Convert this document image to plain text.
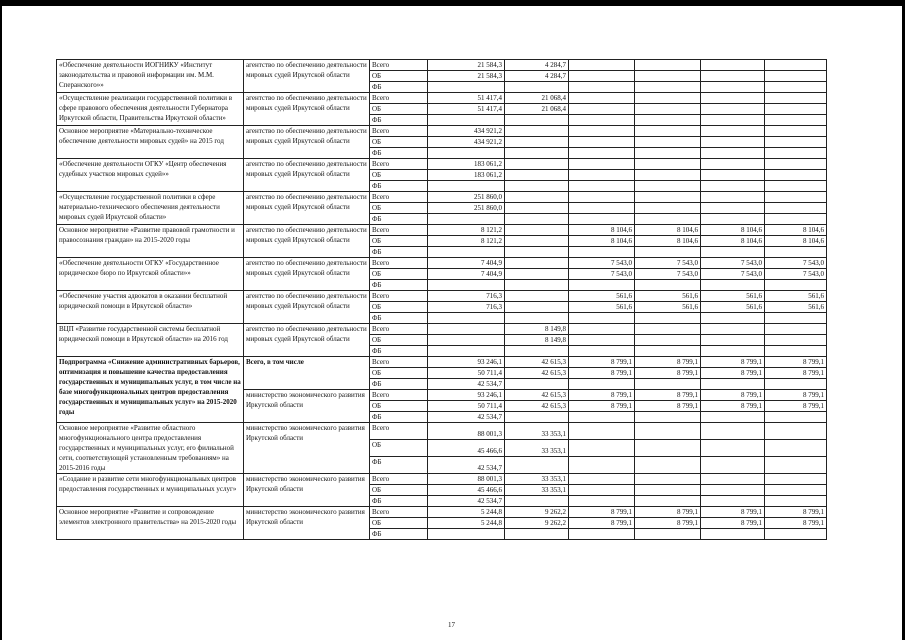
«Обеспечение деятельности ИОГНИКУ «Институт законодательства и правовой информации им. М.М. Сперанского»»	агентство по обеспечению деятельности мировых судей Иркутской области	Всего	21 584,3	4 284,7				
		ОБ	21 584,3	4 284,7				
		ФБ						
«Осуществление реализации государственной политики в сфере правового обеспечения деятельности Губернатора Иркутской области, Правительства Иркутской области»	агентство по обеспечению деятельности мировых судей Иркутской области	Всего	51 417,4	21 068,4				
		ОБ	51 417,4	21 068,4				
		ФБ						
Основное мероприятие «Материально-техническое обеспечение деятельности мировых судей» на 2015 год	агентство по обеспечению деятельности мировых судей Иркутской области	Всего	434 921,2					
		ОБ	434 921,2					
		ФБ						
«Обеспечение деятельности ОГКУ «Центр обеспечения судебных участков мировых судей»»	агентство по обеспечению деятельности мировых судей Иркутской области	Всего	183 061,2					
		ОБ	183 061,2					
		ФБ						
«Осуществление государственной политики в сфере материально-технического обеспечения деятельности мировых судей Иркутской области»	агентство по обеспечению деятельности мировых судей Иркутской области	Всего	251 860,0					
		ОБ	251 860,0					
		ФБ						
Основное мероприятие «Развитие правовой грамотности и правосознания граждан» на 2015-2020 годы	агентство по обеспечению деятельности мировых судей Иркутской области	Всего	8 121,2		8 104,6	8 104,6	8 104,6	8 104,6
		ОБ	8 121,2		8 104,6	8 104,6	8 104,6	8 104,6
		ФБ						
«Обеспечение деятельности ОГКУ «Государственное юридическое бюро по Иркутской области»»	агентство по обеспечению деятельности мировых судей Иркутской области	Всего	7 404,9		7 543,0	7 543,0	7 543,0	7 543,0
		ОБ	7 404,9		7 543,0	7 543,0	7 543,0	7 543,0
		ФБ						
«Обеспечение участия адвокатов в оказании бесплатной юридической помощи в Иркутской области»	агентство по обеспечению деятельности мировых судей Иркутской области	Всего	716,3		561,6	561,6	561,6	561,6
		ОБ	716,3		561,6	561,6	561,6	561,6
		ФБ						
ВЦП «Развитие государственной системы бесплатной юридической помощи в Иркутской области» на 2016 год	агентство по обеспечению деятельности мировых судей Иркутской области	Всего		8 149,8				
		ОБ		8 149,8				
		ФБ						
Подпрограмма «Снижение административных барьеров, оптимизация и повышение качества предоставления государственных и муниципальных услуг, в том числе на базе многофункциональных центров предоставления государственных и муниципальных услуг» на 2015-2020 годы	Всего, в том числе	Всего	93 246,1	42 615,3	8 799,1	8 799,1	8 799,1	8 799,1
		ОБ	50 711,4	42 615,3	8 799,1	8 799,1	8 799,1	8 799,1
		ФБ	42 534,7					
	министерство экономического развития Иркутской области	Всего	93 246,1	42 615,3	8 799,1	8 799,1	8 799,1	8 799,1
		ОБ	50 711,4	42 615,3	8 799,1	8 799,1	8 799,1	8 799,1
		ФБ	42 534,7					
Основное мероприятие «Развитие областного многофункционального центра предоставления государственных и муниципальных услуг, его филиальной сети, соответствующей установленным требованиям» на 2015-2016 годы	министерство экономического развития Иркутской области	Всего	88 001,3	33 353,1				
		ОБ	45 466,6	33 353,1				
		ФБ	42 534,7					
«Создание и развитие сети многофункциональных центров предоставления государственных и муниципальных услуг»	министерство экономического развития Иркутской области	Всего	88 001,3	33 353,1				
		ОБ	45 466,6	33 353,1				
		ФБ	42 534,7					
Основное мероприятие «Развитие и сопровождение элементов электронного правительства» на 2015-2020 годы	министерство экономического развития Иркутской области	Всего	5 244,8	9 262,2	8 799,1	8 799,1	8 799,1	8 799,1
		ОБ	5 244,8	9 262,2	8 799,1	8 799,1	8 799,1	8 799,1
		ФБ						
17
